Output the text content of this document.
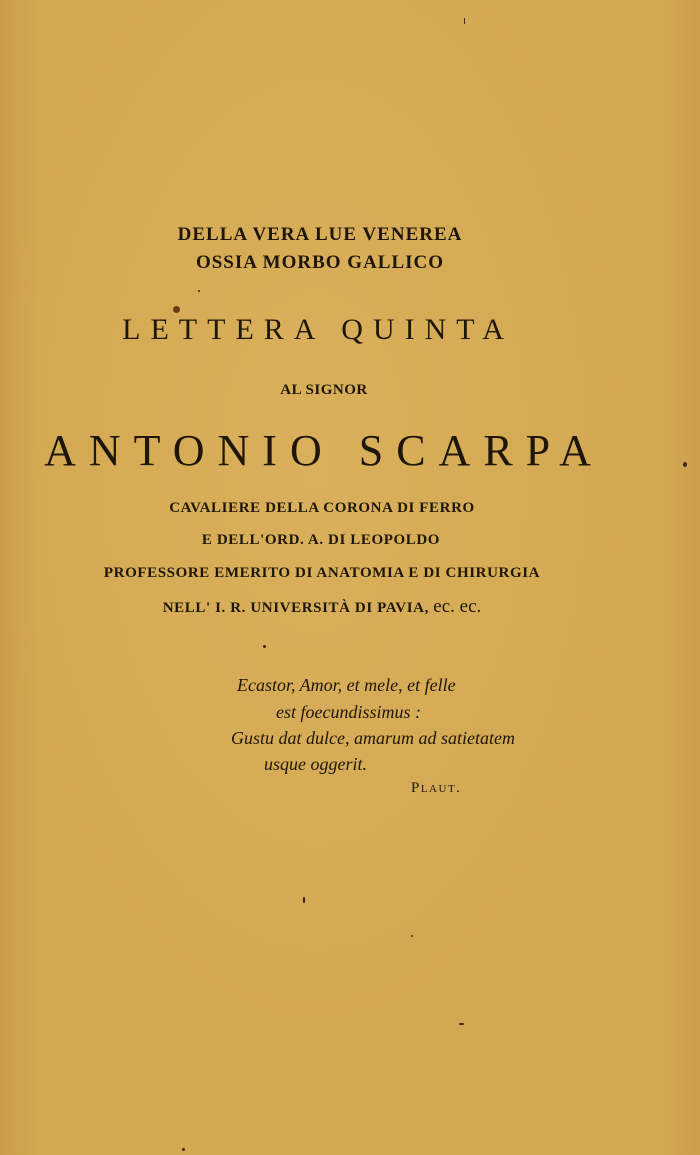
DELLA VERA LUE VENEREA
OSSIA MORBO GALLICO
LETTERA QUINTA
AL SIGNOR
ANTONIO SCARPA
CAVALIERE DELLA CORONA DI FERRO
E DELL'ORD. A. DI LEOPOLDO
PROFESSORE EMERITO DI ANATOMIA E DI CHIRURGIA
NELL' I. R. UNIVERSITÀ DI PAVIA, ec. ec.
Ecastor, Amor, et mele, et felle
est foecundissimus :
Gustu dat dulce, amarum ad satietatem
usque oggerit.
Plaut.
